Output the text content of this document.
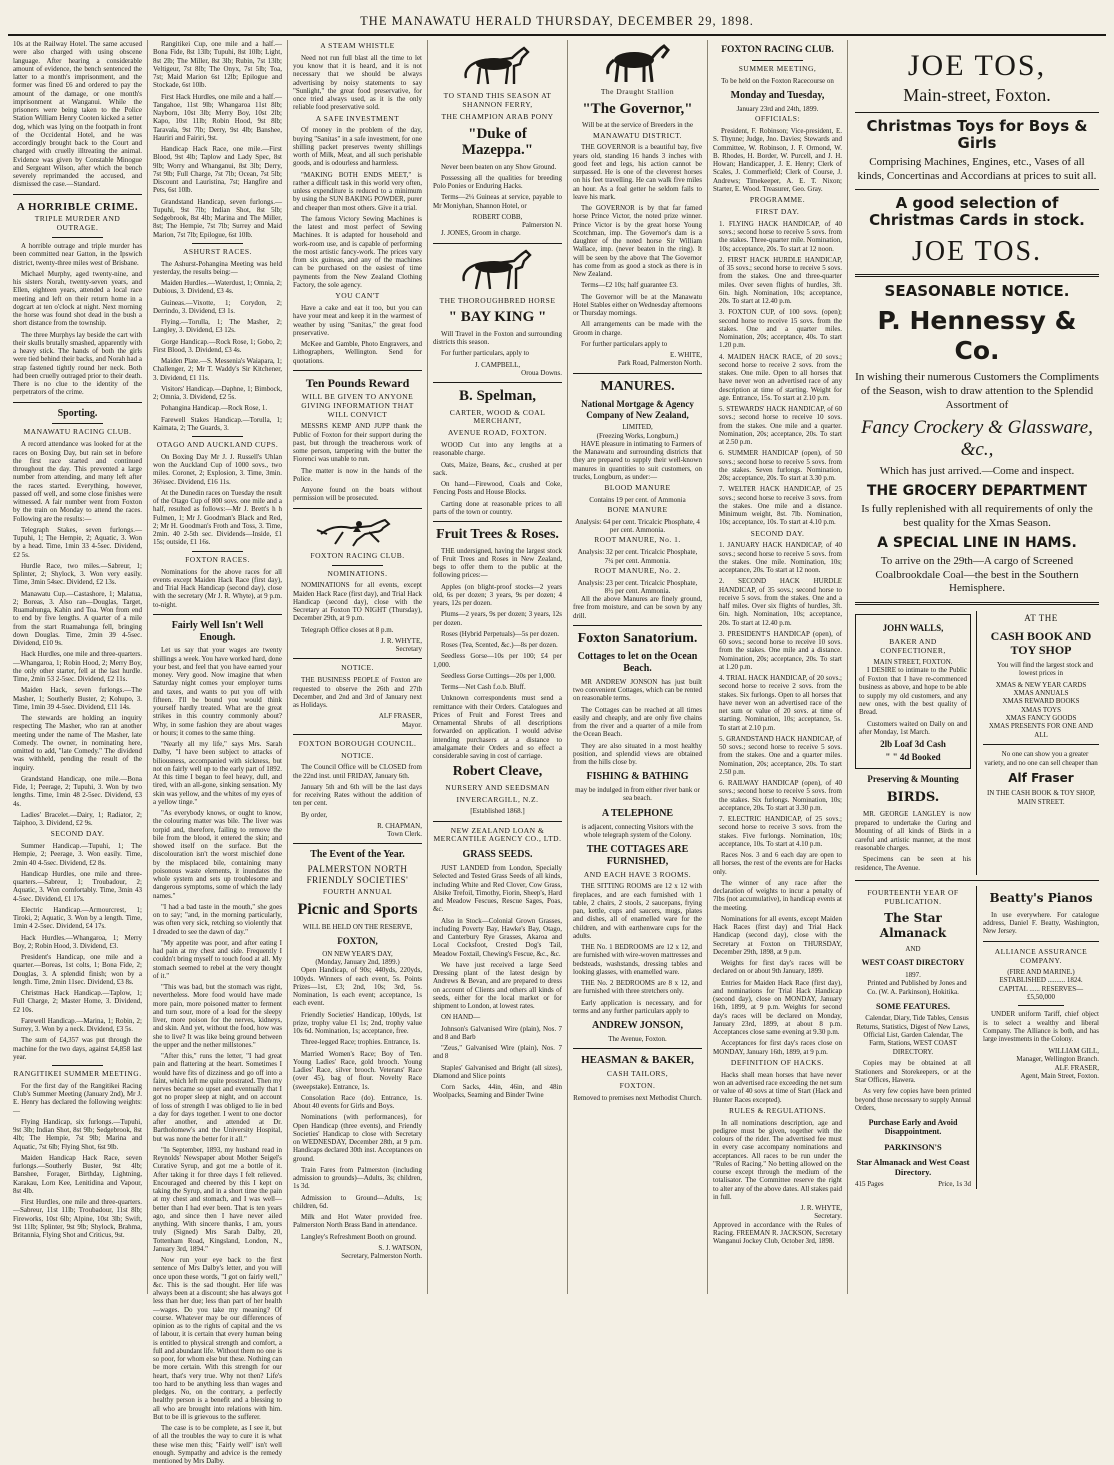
THE MANAWATU HERALD THURSDAY, DECEMBER 29, 1898.

10s at the Railway Hotel. The same accused were also charged with using obscene language. After hearing a considerable amount of evidence, the bench sentenced the latter to a month's imprisonment, and the former was fined £6 and ordered to pay the amount of the damage, or one month's imprisonment at Wanganui. While the prisoners were being taken to the Police Station William Henry Cooten kicked a setter dog, which was lying on the footpath in front of the Occidental Hotel, and he was accordingly brought back to the Court and charged with cruelly illtreating the animal. Evidence was given by Constable Minogue and Sergeant Wilson, after which the bench severely reprimanded the accused, and dismissed the case.—Standard.

A HORRIBLE CRIME.
TRIPLE MURDER AND OUTRAGE.

A horrible outrage and triple murder has been committed near Gatton, in the Ipswich district, twenty-three miles west of Brisbane.

Michael Murphy, aged twenty-nine, and his sisters Norah, twenty-seven years, and Ellen, eighteen years, attended a local race meeting and left on their return home in a dogcart at ten o'clock at night. Next morning the horse was found shot dead in the bush a short distance from the township.

The three Murphys lay beside the cart with their skulls brutally smashed, apparently with a heavy stick. The hands of both the girls were tied behind their backs, and Norah had a strap fastened tightly round her neck. Both had been cruelly outraged prior to their death. There is no clue to the identity of the perpetrators of the crime.

Sporting.
MANAWATU RACING CLUB.

A record attendance was looked for at the races on Boxing Day, but rain set in before the first race started and continued throughout the day. This prevented a large number from attending, and many left after the races started. Everything, however, passed off well, and some close finishes were witnessed. A fair number went from Foxton by the train on Monday to attend the races. Following are the results:—

Telegraph Stakes, seven furlongs.—Tupuhi, 1; The Hempie, 2; Aquatic, 3. Won by a head. Time, 1min 33 4-5sec. Dividend, £2 5s.

Hurdle Race, two miles.—Sabreur, 1; Splinter, 2; Shylock, 3. Won very easily. Time, 3min 54sec. Dividend, £2 13s.

Manawatu Cup.—Castashore, 1; Malatua, 2; Boreas, 3. Also ran—Douglas, Target, Ruamahunga, Kahin and Toa. Won from end to end by five lengths. A quarter of a mile from the start Ruamahunga fell, bringing down Douglas. Time, 2min 39 4-5sec. Dividend, £10 9s.

Hack Hurdles, one mile and three-quarters.—Whangaroa, 1; Robin Hood, 2; Merry Boy, the only other starter, fell at the last hurdle. Time, 2min 53 2-5sec. Dividend, £2 11s.

Maiden Hack, seven furlongs.—The Masher, 1; Southerly Buster, 2; Kohupo, 3. Time, 1min 39 4-5sec. Dividend, £11 14s.

The stewards are holding an inquiry respecting The Masher, who ran at another meeting under the name of The Masher, late Comedy. The owner, in nominating here, omitted to add, "late Comedy." The dividend was withheld, pending the result of the inquiry.

Grandstand Handicap, one mile.—Bona Fide, 1; Peerage, 2; Tupuhi, 3. Won by two lengths. Time, 1min 48 2-5sec. Dividend, £3 4s.

Ladies' Bracelet.—Dairy, 1; Radiator, 2; Taiphoo, 3. Dividend, £2 9s.

SECOND DAY.

Summer Handicap.—Tupuhi, 1; The Hempie, 2; Peerage, 3. Won easily. Time, 2min 40 4-5sec. Dividend, £2 8s.

Handicap Hurdles, one mile and three-quarters.—Sabreur, 1; Troubadour, 2; Aquatic, 3. Won comfortably. Time, 3min 43 4-5sec. Dividend, £1 17s.

Electric Handicap.—Armourcrest, 1; Tiroki, 2; Aquatic, 3. Won by a length. Time, 1min 4 2-5sec. Dividend, £4 17s.

Hack Hurdles.—Whangaroa, 1; Merry Boy, 2; Robin Hood, 3. Dividend, £3.

President's Handicap, one mile and a quarter.—Boreas, 1st colts, 1; Bona Fide, 2; Douglas, 3. A splendid finish; won by a length. Time, 2min 11sec. Dividend, £3 8s.

Christmas Hack Handicap.—Taplow, 1; Full Charge, 2; Master Home, 3. Dividend, £2 10s.

Farewell Handicap.—Marina, 1; Robin, 2; Surrey, 3. Won by a neck. Dividend, £3 5s.

The sum of £4,357 was put through the machine for the two days, against £4,858 last year.

RANGITIKEI SUMMER MEETING.

For the first day of the Rangitikei Racing Club's Summer Meeting (January 2nd), Mr J. E. Henry has declared the following weights:—

Flying Handicap, six furlongs.—Tupuhi, 9st 3lb; Indian Shot, 8st 9lb; Sedgebrook, 8st 4lb; The Hempie, 7st 9lb; Marina and Aquatic, 7st 6lb; Flying Shot, 6st 9lb.

Maiden Handicap Hack Race, seven furlongs.—Southerly Buster, 9st 4lb; Banshee, Forager, Birthday, Lightning, Karakau, Lorn Kee, Lenitidina and Vapour, 8st 4lb.

First Hurdles, one mile and three-quarters.—Sabreur, 11st 11lb; Troubadour, 11st 8lb; Fireworks, 10st 6lb; Alpine, 10st 3lb; Swift, 9st 11lb; Splinter, 9st 9lb; Shylock, Brahma, Britannia, Flying Shot and Criticus, 9st.

Rangitikei Cup, one mile and a half.—Bona Fide, 8st 13lb; Tupuhi, 8st 10lb; Light, 8st 2lb; The Miller, 8st 3lb; Rubin, 7st 13lb; Veltigeur, 7st 8lb; The Onyx, 7st 5lb; Toa, 7st; Maid Marion 6st 12lb; Epilogue and Stockade, 6st 10lb.

First Hack Hurdles, one mile and a half.—Tangahoe, 11st 9lb; Whangaroa 11st 8lb; Nayborn, 10st 3lb; Merry Boy, 10st 2lb; Kapo, 10st 11lb; Robin Hood, 9st 8lb; Taravala, 9st 7lb; Derry, 9st 4lb; Banshee, Hauriri and Fairiri, 9st.

Handicap Hack Race, one mile.—First Blood, 9st 4lb; Taplow and Lady Spec, 8st 9lb; Worry and Whanganui, 8st 3lb; Derry, 7st 9lb; Full Charge, 7st 7lb; Ocean, 7st 5lb; Discount and Lauristina, 7st; Hangfire and Pets, 6st 10lb.

Grandstand Handicap, seven furlongs.—Tupuhi, 9st 7lb; Indian Shot, 8st 5lb; Sedgebrook, 8st 4lb; Marina and The Miller, 8st; The Hempie, 7st 7lb; Surrey and Maid Marion, 7st 7lb; Epilogue, 6st 10lb.

ASHURST RACES.

The Ashurst-Pohangina Meeting was held yesterday, the results being:—

Maiden Hurdles.—Waterdust, 1; Omnia, 2; Dubious, 3. Dividend, £3 4s.

Guineas.—Vixotte, 1; Corydon, 2; Derrindo, 3. Dividend, £3 1s.

Flying.—Torulla, 1; The Masher, 2; Langley, 3. Dividend, £3 12s.

Gorge Handicap.—Rock Rose, 1; Gobo, 2; First Blood, 3. Dividend, £3 4s.

Maiden Plate.—S. Messenia's Waiapara, 1; Challenger, 2; Mr T. Waddy's Sir Kitchener, 3. Dividend, £1 11s.

Visitors' Handicap.—Daphne, 1; Bimbock, 2; Omnia, 3. Dividend, £2 5s.

Pohangina Handicap.—Rock Rose, 1.

Farewell Stakes Handicap.—Torulla, 1; Kaimata, 2; The Guards, 3.

OTAGO AND AUCKLAND CUPS.

On Boxing Day Mr J. J. Russell's Uhlan won the Auckland Cup of 1000 sovs., two miles. Coronet, 2; Explosion, 3. Time, 3min. 36¼sec. Dividend, £16 11s.

At the Dunedin races on Tuesday the result of the Otago Cup of 800 sovs. one mile and a half, resulted as follows:—Mr J. Brett's h h Fulmen, 1; Mr J. Goodman's Black and Red, 2; Mr H. Goodman's Froth and Toss, 3. Time, 2min. 40 2-5th sec. Dividends—Inside, £1 15s; outside, £1 16s.

FOXTON RACES.

Nominations for the above races for all events except Maiden Hack Race (first day), and Trial Hack Handicap (second day), close with the secretary (Mr J. R. Whyte), at 9 p.m. to-night.

Fairly Well Isn't Well Enough.

Let us say that your wages are twenty shillings a week. You have worked hard, done your best, and feel that you have earned your money. Very good. Now imagine that when Saturday night comes your employer turns and taxes, and wants to put you off with fifteen. I'll be bound you would think yourself hardly treated. What are the great strikes in this country commonly about? Why, in some fashion they are about wages or hours; it comes to the same thing.

"Nearly all my life," says Mrs. Sarah Dalby, "I have been subject to attacks of biliousness, accompanied with sickness, but not on fairly well up to the early part of 1892. At this time I began to feel heavy, dull, and tired, with an all-gone, sinking sensation. My skin was yellow, and the whites of my eyes of a yellow tinge."

"As everybody knows, or ought to know, the colouring matter was bile. The liver was torpid and, therefore, failing to remove the bile from the blood, it entered the skin; and showed itself on the surface. But the discolouration isn't the worst mischief done by the misplaced bile, containing many poisonous waste elements, it inundates the whole system and sets up troublesome and dangerous symptoms, some of which the lady names."

"I had a bad taste in the mouth," she goes on to say; "and, in the morning particularly, was often very sick, retching so violently that I dreaded to see the dawn of day."

"My appetite was poor, and after eating I had pain at my chest and side. Frequently I couldn't bring myself to touch food at all. My stomach seemed to rebel at the very thought of it."

"This was bad, but the stomach was right, nevertheless. More food would have made more pain, more poisoned matter to ferment and turn sour, more of a load for the sleepy liver, more poison for the nerves, kidneys, and skin. And yet, without the food, how was she to live? It was like being ground between the upper and the nether millstones."

"After this," runs the letter, "I had great pain and flattering at the heart. Sometimes I would have fits of dizziness and go off into a faint, which left me quite prostrated. Then my nerves became so upset and eventually that I got no proper sleep at night, and on account of loss of strength I was obliged to lie in bed a day for days together. I went to one doctor after another, and attended at Dr. Bartholomew's and the University Hospital, but was none the better for it all."

"In September, 1893, my husband read in Reynolds' Newspaper about Mother Seigel's Curative Syrup, and got me a bottle of it. After taking it for three days I felt relieved. Encouraged and cheered by this I kept on taking the Syrup, and in a short time the pain at my chest and stomach, and I was well—better than I had ever been. That is ten years ago, and since then I have never ailed anything. With sincere thanks, I am, yours truly (Signed) Mrs Sarah Dalby, 20, Tottenham Road, Kingsland, London, N., January 3rd, 1894."

Now run your eye back to the first sentence of Mrs Dalby's letter, and you will once upon these words, "I got on fairly well," &c. This is the sad thought. Her life was always been at a discount; she has always got less than her due; less than part of her health—wages. Do you take my meaning? Of course. Whatever may be our differences of opinion as to the rights of capital and the vs of labour, it is certain that every human being is entitled to physical strength and comfort, a full and abundant life. Without them no one is so poor, for whom else but these. Nothing can be more certain. With this strength for our heart, that's very true. Why not then? Life's too hard to be anything less than wages and pledges. No, on the contrary, a perfectly healthy person is a benefit and a blessing to all who are brought into relations with him. But to be ill is grievous to the sufferer.

The case is to be complete, as I see it, but of all the troubles the way to cure it is what these wise men this; "Fairly well" isn't well enough. Sympathy and advice is the remedy mentioned by Mrs Dalby.

A STEAM WHISTLE

Need not run full blast all the time to let you know that it is heard, and it is not necessary that we should be always advertising by noisy statements to say "Sunlight," the great food preservative, for once tried always used, as it is the only reliable food preservative sold.

A SAFE INVESTMENT

Of money in the problem of the day, buying "Sanitas" in a safe investment, for one shilling packet preserves twenty shillings worth of Milk, Meat, and all such perishable goods, and is odourless and harmless.

"MAKING BOTH ENDS MEET," is rather a difficult task in this world very often, unless expenditure is reduced to a minimum by using the SUN BAKING POWDER, purer and cheaper than most others. Give it a trial.

The famous Victory Sewing Machines is the latest and most perfect of Sewing Machines. It is adapted for household and work-room use, and is capable of performing the most artistic fancy-work. The prices vary from six guineas, and any of the machines can be purchased on the easiest of time payments from the New Zealand Clothing Factory, the sole agency.

YOU CAN'T

Have a cake and eat it too, but you can have your meat and keep it in the warmest of weather by using "Sanitas," the great food preservative.

McKee and Gamble, Photo Engravers, and Lithographers, Wellington. Send for quotations.

Ten Pounds Reward
WILL BE GIVEN TO ANYONE GIVING INFORMATION THAT WILL CONVICT

MESSRS KEMP AND JUPP thank the Public of Foxton for their support during the past, but through the treacherous work of some person, tampering with the butter the Fiorenci was unable to run.

The matter is now in the hands of the Police.

Anyone found on the boats without permission will be prosecuted.

FOXTON RACING CLUB.
NOMINATIONS.

NOMINATIONS for all events, except Maiden Hack Race (first day), and Trial Hack Handicap (second day), close with the Secretary at Foxton TO NIGHT (Thursday), December 29th, at 9 p.m.

Telegraph Office closes at 8 p.m.

J. R. WHYTE,
Secretary
NOTICE.

THE BUSINESS PEOPLE of Foxton are requested to observe the 26th and 27th December, and 2nd and 3rd of January next as Holidays.

ALF FRASER,
Mayor.
FOXTON BOROUGH COUNCIL.
NOTICE.

The Council Office will be CLOSED from the 22nd inst. until FRIDAY, January 6th.

January 5th and 6th will be the last days for receiving Rates without the addition of ten per cent.

By order,

R. CHAPMAN,
Town Clerk.
The Event of the Year.
PALMERSTON NORTH FRIENDLY SOCIETIES'
FOURTH ANNUAL
Picnic and Sports
WILL BE HELD ON THE RESERVE,
FOXTON,
ON NEW YEAR'S DAY,
(Monday, January 2nd, 1899.)

Open Handicap, of 90s; 440yds, 220yds, 100yds. Winners of each event, 5s. Points Prizes—1st, £3; 2nd, 10s; 3rd, 5s. Nomination, 1s each event; acceptance, 1s each event.

Friendly Societies' Handicap, 100yds, 1st prize, trophy value £1 1s; 2nd, trophy value 10s 6d. Nomination, 1s; acceptance, free.

Three-legged Race; trophies. Entrance, 1s.

Married Women's Race; Boy of Ten. Young Ladies' Race, gold brooch. Young Ladies' Race, silver brooch. Veterans' Race (over 45), bag of flour. Novelty Race (sweepstake). Entrance, 1s.

Consolation Race (do). Entrance, 1s. About 40 events for Girls and Boys.

Nominations (with performances), for Open Handicap (three events), and Friendly Societies' Handicap to close with Secretary on WEDNESDAY, December 28th, at 9 p.m. Handicaps declared 30th inst. Acceptances on ground.

Train Fares from Palmerston (including admission to grounds)—Adults, 3s; children, 1s 3d.

Admission to Ground—Adults, 1s; children, 6d.

Milk and Hot Water provided free. Palmerston North Brass Band in attendance.

Langley's Refreshment Booth on ground.

S. J. WATSON,
Secretary, Palmerston North.
TO STAND THIS SEASON AT SHANNON FERRY,
THE CHAMPION ARAB PONY
"Duke of Mazeppa."

Never been beaten on any Show Ground.

Possessing all the qualities for breeding Polo Ponies or Enduring Hacks.

Terms—2¼ Guineas at service, payable to Mr Moniyhan, Shannon Hotel, or

ROBERT COBB,
Palmerston N.

J. JONES, Groom in charge.

THE THOROUGHBRED HORSE
" BAY KING "

Will Travel in the Foxton and surrounding districts this season.

For further particulars, apply to

J. CAMPBELL,
Oroua Downs.
B. Spelman,
CARTER, WOOD & COAL MERCHANT,
AVENUE ROAD, FOXTON.

WOOD Cut into any lengths at a reasonable charge.

Oats, Maize, Beans, &c., crushed at per sack.

On hand—Firewood, Coals and Coke, Fencing Posts and House Blocks.

Carting done at reasonable prices to all parts of the town or country.

Fruit Trees & Roses.

THE undersigned, having the largest stock of Fruit Trees and Roses in New Zealand, begs to offer them to the public at the following prices:—

Apples (on blight-proof stocks—2 years old, 6s per dozen; 3 years, 9s per dozen; 4 years, 12s per dozen.

Plums—2 years, 9s per dozen; 3 years, 12s per dozen.

Roses (Hybrid Perpetuals)—5s per dozen.

Roses (Tea, Scented, &c.)—8s per dozen.

Seedless Gorse—10s per 100; £4 per 1,000.

Seedless Gorse Cuttings—20s per 1,000.

Terms—Net Cash f.o.b. Bluff.

Unknown correspondents must send a remittance with their Orders. Catalogues and Prices of Fruit and Forest Trees and Ornamental Shrubs of all descriptions forwarded on application. I would advise intending purchasers at a distance to amalgamate their Orders and so effect a considerable saving in cost of carriage.

Robert Cleave,
NURSERY AND SEEDSMAN
INVERCARGILL, N.Z.
[Established 1868.]
NEW ZEALAND LOAN & MERCANTILE AGENCY CO., LTD.
GRASS SEEDS.

JUST LANDED from London, Specially Selected and Tested Grass Seeds of all kinds, including White and Red Clover, Cow Grass, Alsike Trefoil, Timothy, Fiorin, Sheep's, Hard and Meadow Fescues, Rescue Sages, Poas, &c.

Also in Stock—Colonial Grown Grasses, including Poverty Bay, Hawke's Bay, Otago, and Canterbury Rye Grasses, Akaroa and Local Cocksfoot, Crested Dog's Tail, Meadow Foxtail, Chewing's Fescue, &c., &c.

We have just received a large Seed Dressing plant of the latest design by Andrews & Bevan, and are prepared to dress on account of Clients and others all kinds of seeds, either for the local market or for shipment to London, at lowest rates.

ON HAND—

Johnson's Galvanised Wire (plain), Nos. 7 and 8 and Barb

"Zeus," Galvanised Wire (plain), Nos. 7 and 8

Staples' Galvanised and Bright (all sizes), Diamond and Slice points

Corn Sacks, 44in, 46in, and 48in Woolpacks, Seaming and Binder Twine

The Draught Stallion
"The Governor,"
Will be at the service of Breeders in the
MANAWATU DISTRICT.

THE GOVERNOR is a beautiful bay, five years old, standing 16 hands 3 inches with good feet and legs, his action cannot be surpassed. He is one of the cleverest horses on his feet travelling. He can walk five miles an hour. As a foal getter he seldom fails to leave his mark.

The GOVERNOR is by that far famed horse Prince Victor, the noted prize winner. Prince Victor is by the great horse Young Scotchman, imp. The Governor's dam is a daughter of the noted horse Sir William Wallace, imp. (never beaten in the ring). It will be seen by the above that The Governor has come from as good a stock as there is in New Zealand.

Terms—£2 10s; half guarantee £3.

The Governor will be at the Manawatu Hotel Stables either on Wednesday afternoons or Thursday mornings.

All arrangements can be made with the Groom in charge.

For further particulars apply to

E. WHITE,
Park Road, Palmerston North.
MANURES.
National Mortgage & Agency Company of New Zealand,
LIMITED,
(Freezing Works, Longburn,)

HAVE pleasure in intimating to Farmers of the Manawatu and surrounding districts that they are prepared to supply their well-known manures in quantities to suit customers, on trucks, Longburn, as under:—

BLOOD MANURE
Contains 19 per cent. of Ammonia
BONE MANURE
Analysis: 64 per cent. Tricalcic Phosphate, 4 per cent. Ammonia.
ROOT MANURE, No. 1.
Analysis: 32 per cent. Tricalcic Phosphate, 7¼ per cent. Ammonia.
ROOT MANURE, No. 2.
Analysis: 23 per cent. Tricalcic Phosphate, 8½ per cent. Ammonia.

All the above Manures are finely ground, free from moisture, and can be sown by any drill.

Foxton Sanatorium.
Cottages to let on the Ocean Beach.

MR ANDREW JONSON has just built two convenient Cottages, which can be rented on reasonable terms.

The Cottages can be reached at all times easily and cheaply, and are only five chains from the river and a quarter of a mile from the Ocean Beach.

They are also situated in a most healthy position, and splendid views are obtained from the hills close by.

FISHING & BATHING
may be indulged in from either river bank or sea beach.
A TELEPHONE
is adjacent, connecting Visitors with the whole telegraph system of the Colony.
THE COTTAGES ARE FURNISHED,
AND EACH HAVE 3 ROOMS.

THE SITTING ROOMS are 12 x 12 with fireplaces, and are each furnished with 1 table, 2 chairs, 2 stools, 2 saucepans, frying pan, kettle, cups and saucers, mugs, plates and dishes, all of enamelled ware for the children, and with earthenware cups for the adults.

THE No. 1 BEDROOMS are 12 x 12, and are furnished with wire-woven mattresses and bedsteads, washstands, dressing tables and looking glasses, with enamelled ware.

THE No. 2 BEDROOMS are 8 x 12, and are furnished with three stretchers only.

Early application is necessary, and for terms and any further particulars apply to

ANDREW JONSON,
The Avenue, Foxton.
HEASMAN & BAKER,
CASH TAILORS,
FOXTON.
Removed to premises next Methodist Church.
FOXTON RACING CLUB.
SUMMER MEETING,
To be held on the Foxton Racecourse on
Monday and Tuesday,
January 23rd and 24th, 1899.
OFFICIALS:

President, F. Robinson; Vice-president, E. S. Thynne; Judge, Jno. Davies; Stewards and Committee, W. Robinson, J. F. Ormond, W. B. Rhodes, H. Border, W. Purcell, and J. H. Howan; Handicapper, J. E. Henry; Clerk of Scales, J. Commerfield; Clerk of Course, J. Andrews; Timekeeper, A. E. T. Nixon; Starter, E. Wood. Treasurer, Geo. Gray.

PROGRAMME.
FIRST DAY.

1. FLYING HACK HANDICAP, of 40 sovs.; second horse to receive 5 sovs. from the stakes. Three-quarter mile. Nomination, 10s; acceptance, 20s. To start at 12 noon.

2. FIRST HACK HURDLE HANDICAP, of 35 sovs.; second horse to receive 5 sovs. from the stakes. One and three-quarter miles. Over seven flights of hurdles, 3ft. 6in. high. Nomination, 10s; acceptance, 20s. To start at 12.40 p.m.

3. FOXTON CUP, of 100 sovs. (open); second horse to receive 15 sovs. from the stakes. One and a quarter miles. Nomination, 20s; acceptance, 40s. To start 1.20 p.m.

4. MAIDEN HACK RACE, of 20 sovs.; second horse to receive 2 sovs. from the stakes. One mile. Open to all horses that have never won an advertised race of any description at time of starting. Weight for age. Entrance, 15s. To start at 2.10 p.m.

5. STEWARDS' HACK HANDICAP, of 60 sovs.; second horse to receive 10 sovs. from the stakes. One mile and a quarter. Nomination, 20s; acceptance, 20s. To start at 2.50 p.m.

6. SUMMER HANDICAP (open), of 50 sovs.; second horse to receive 5 sovs. from the stakes. Seven furlongs. Nomination, 20s; acceptance, 20s. To start at 3.30 p.m.

7. WELTER HACK HANDICAP, of 25 sovs.; second horse to receive 3 sovs. from the stakes. One mile and a distance. Minimum weight, 8st. 7lb. Nomination, 10s; acceptance, 10s. To start at 4.10 p.m.

SECOND DAY.

1. JANUARY HACK HANDICAP, of 40 sovs.; second horse to receive 5 sovs. from the stakes. One mile. Nomination, 10s; acceptance, 20s. To start at 12 noon.

2. SECOND HACK HURDLE HANDICAP, of 35 sovs.; second horse to receive 5 sovs. from the stakes. One and a half miles. Over six flights of hurdles, 3ft. 6in. high. Nomination, 10s; acceptance, 20s. To start at 12.40 p.m.

3. PRESIDENT'S HANDICAP (open), of 60 sovs.; second horse to receive 10 sovs. from the stakes. One mile and a distance. Nomination, 20s; acceptance, 20s. To start at 1.20 p.m.

4. TRIAL HACK HANDICAP, of 20 sovs.; second horse to receive 2 sovs. from the stakes. Six furlongs. Open to all horses that have never won an advertised race of the net sum or value of 20 sovs. at time of starting. Nomination, 10s; acceptance, 5s. To start at 2.10 p.m.

5. GRANDSTAND HACK HANDICAP, of 50 sovs.; second horse to receive 5 sovs. from the stakes. One and a quarter miles. Nomination, 20s; acceptance, 20s. To start 2.50 p.m.

6. RAILWAY HANDICAP (open), of 40 sovs.; second horse to receive 5 sovs. from the stakes. Six furlongs. Nomination, 10s; acceptance, 20s. To start at 3.30 p.m.

7. ELECTRIC HANDICAP, of 25 sovs.; second horse to receive 3 sovs. from the stakes. Five furlongs. Nomination, 10s; acceptance, 10s. To start at 4.10 p.m.

Races Nos. 3 and 6 each day are open to all horses, the rest of the events are for Hacks only.

The winner of any race after the declaration of weights to incur a penalty of 7lbs (not accumulative), in handicap events at the meeting.

Nominations for all events, except Maiden Hack Races (first day) and Trial Hack Handicap (second day), close with the Secretary at Foxton on THURSDAY, December 29th, 1898, at 9 p.m.

Weights for first day's races will be declared on or about 9th January, 1899.

Entries for Maiden Hack Race (first day), and nominations for Trial Hack Handicap (second day), close on MONDAY, January 16th, 1899, at 9 p.m. Weights for second day's races will be declared on Monday, January 23rd, 1899, at about 8 p.m. Acceptances close same evening at 9.30 p.m.

Acceptances for first day's races close on MONDAY, January 16th, 1899, at 9 p.m.

DEFINITION OF HACKS.

Hacks shall mean horses that have never won an advertised race exceeding the net sum or value of 40 sovs at time of Start (Hack and Hunter Races excepted).

RULES & REGULATIONS.

In all nominations description, age and pedigree must be given, together with the colours of the rider. The advertised fee must in every case accompany nominations and acceptances. All races to be run under the "Rules of Racing." No betting allowed on the course except through the medium of the totalisator. The Committee reserve the right to alter any of the above dates. All stakes paid in full.

J. R. WHYTE,
Secretary.

Approved in accordance with the Rules of Racing. FREEMAN R. JACKSON, Secretary Wanganui Jockey Club, October 3rd, 1898.

JOE TOS,
Main-street, Foxton.
Christmas Toys for Boys & Girls
Comprising Machines, Engines, etc., Vases of all kinds, Concertinas and Accordians at prices to suit all.
A good selection of Christmas Cards in stock.
JOE TOS.
SEASONABLE NOTICE.
P. Hennessy & Co.
In wishing their numerous Customers the Compliments of the Season, wish to draw attention to the Splendid Assortment of
Fancy Crockery & Glassware, &c.,
Which has just arrived.—Come and inspect.
THE GROCERY DEPARTMENT
Is fully replenished with all requirements of only the best quality for the Xmas Season.
A SPECIAL LINE IN HAMS.
To arrive on the 29th—A cargo of Screened Coalbrookdale Coal—the best in the Southern Hemisphere.
JOHN WALLS,
BAKER AND CONFECTIONER,
MAIN STREET, FOXTON.

I DESIRE to intimate to the Public of Foxton that I have re-commenced business as above, and hope to be able to supply my old customers, and any new ones, with the best quality of Bread.

Customers waited on Daily on and after Monday, 1st March.

2lb Loaf 3d Cash
" " 4d Booked
Preserving & Mounting
BIRDS.

MR. GEORGE LANGLEY is now prepared to undertake the Curing and Mounting of all kinds of Birds in a careful and artistic manner, at the most reasonable charges.

Specimens can be seen at his residence, The Avenue.

AT THE
CASH BOOK AND TOY SHOP

You will find the largest stock and lowest prices in

XMAS & NEW YEAR CARDS
XMAS ANNUALS
XMAS REWARD BOOKS
XMAS TOYS
XMAS FANCY GOODS
XMAS PRESENTS FOR ONE AND ALL

No one can show you a greater variety, and no one can sell cheaper than

Alf Fraser
IN THE CASH BOOK & TOY SHOP, MAIN STREET.
FOURTEENTH YEAR OF PUBLICATION.
The Star Almanack
AND
WEST COAST DIRECTORY
1897.

Printed and Published by Jones and Co. (W. A. Parkinson), Hokitika.

SOME FEATURES.

Calendar, Diary, Tide Tables, Census Returns, Statistics, Digest of New Laws, Official List, Garden Calendar, The Farm, Stations, WEST COAST DIRECTORY.

Copies may be obtained at all Stationers and Storekeepers, or at the Star Offices, Hawera.

As very few copies have been printed beyond those necessary to supply Annual Orders,

Purchase Early and Avoid Disappointment.
PARKINSON'S
Star Almanack and West Coast Directory.
415 Pages	Price, 1s 3d
Beatty's Pianos

In use everywhere. For catalogue address, Daniel F. Beatty, Washington, New Jersey.

ALLIANCE ASSURANCE COMPANY.
(FIRE AND MARINE.)
ESTABLISHED .......... 1824.
CAPITAL ...... RESERVES—
£5,50,000

UNDER uniform Tariff, chief object is to select a wealthy and liberal Company. The Alliance is both, and has large investments in the Colony.

WILLIAM GILL,
Manager, Wellington Branch.
ALF. FRASER,
Agent, Main Street, Foxton.
